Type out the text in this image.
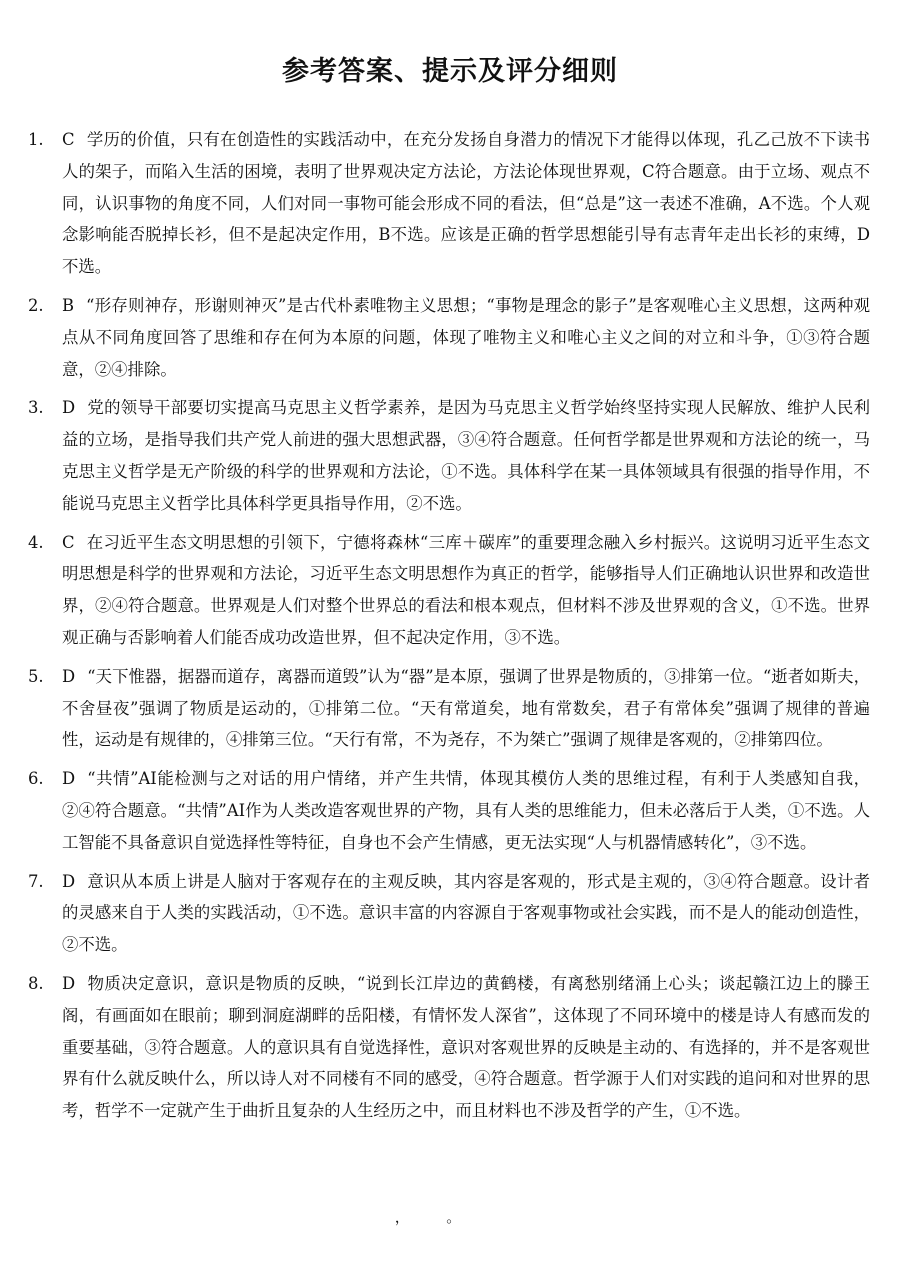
参考答案、提示及评分细则
1. C 学历的价值，只有在创造性的实践活动中，在充分发扬自身潜力的情况下才能得以体现，孔乙己放不下读书人的架子，而陷入生活的困境，表明了世界观决定方法论，方法论体现世界观，C符合题意。由于立场、观点不同，认识事物的角度不同，人们对同一事物可能会形成不同的看法，但“总是”这一表述不准确，A不选。个人观念影响能否脱掉长衫，但不是起决定作用，B不选。应该是正确的哲学思想能引导有志青年走出长衫的束缚，D不选。
2. B “形存则神存，形谢则神灭”是古代朴素唯物主义思想；“事物是理念的影子”是客观唯心主义思想，这两种观点从不同角度回答了思维和存在何为本原的问题，体现了唯物主义和唯心主义之间的对立和斗争，①③符合题意，②④排除。
3. D 党的领导干部要切实提高马克思主义哲学素养，是因为马克思主义哲学始终坚持实现人民解放、维护人民利益的立场，是指导我们共产党人前进的强大思想武器，③④符合题意。任何哲学都是世界观和方法论的统一，马克思主义哲学是无产阶级的科学的世界观和方法论，①不选。具体科学在某一具体领域具有很强的指导作用，不能说马克思主义哲学比具体科学更具指导作用，②不选。
4. C 在习近平生态文明思想的引领下，宁德将森林“三库＋碳库”的重要理念融入乡村振兴。这说明习近平生态文明思想是科学的世界观和方法论，习近平生态文明思想作为真正的哲学，能够指导人们正确地认识世界和改造世界，②④符合题意。世界观是人们对整个世界总的看法和根本观点，但材料不涉及世界观的含义，①不选。世界观正确与否影响着人们能否成功改造世界，但不起决定作用，③不选。
5. D “天下惟器，据器而道存，离器而道毁”认为“器”是本原，强调了世界是物质的，③排第一位。“逝者如斯夫，不舍昼夜”强调了物质是运动的，①排第二位。“天有常道矣，地有常数矣，君子有常体矣”强调了规律的普遍性，运动是有规律的，④排第三位。“天行有常，不为尧存，不为桀亡”强调了规律是客观的，②排第四位。
6. D “共情”AI能检测与之对话的用户情绪，并产生共情，体现其模仿人类的思维过程，有利于人类感知自我，②④符合题意。“共情”AI作为人类改造客观世界的产物，具有人类的思维能力，但未必落后于人类，①不选。人工智能不具备意识自觉选择性等特征，自身也不会产生情感，更无法实现“人与机器情感转化”，③不选。
7. D 意识从本质上讲是人脑对于客观存在的主观反映，其内容是客观的，形式是主观的，③④符合题意。设计者的灵感来自于人类的实践活动，①不选。意识丰富的内容源自于客观事物或社会实践，而不是人的能动创造性，②不选。
8. D 物质决定意识，意识是物质的反映，“说到长江岸边的黄鹤楼，有离愁别绪涌上心头；谈起赣江边上的滕王阁，有画面如在眼前；聊到洞庭湖畔的岳阳楼，有情怀发人深省”，这体现了不同环境中的楼是诗人有感而发的重要基础，③符合题意。人的意识具有自觉选择性，意识对客观世界的反映是主动的、有选择的，并不是客观世界有什么就反映什么，所以诗人对不同楼有不同的感受，④符合题意。哲学源于人们对实践的追问和对世界的思考，哲学不一定就产生于曲折且复杂的人生经历之中，而且材料也不涉及哲学的产生，①不选。
，。
